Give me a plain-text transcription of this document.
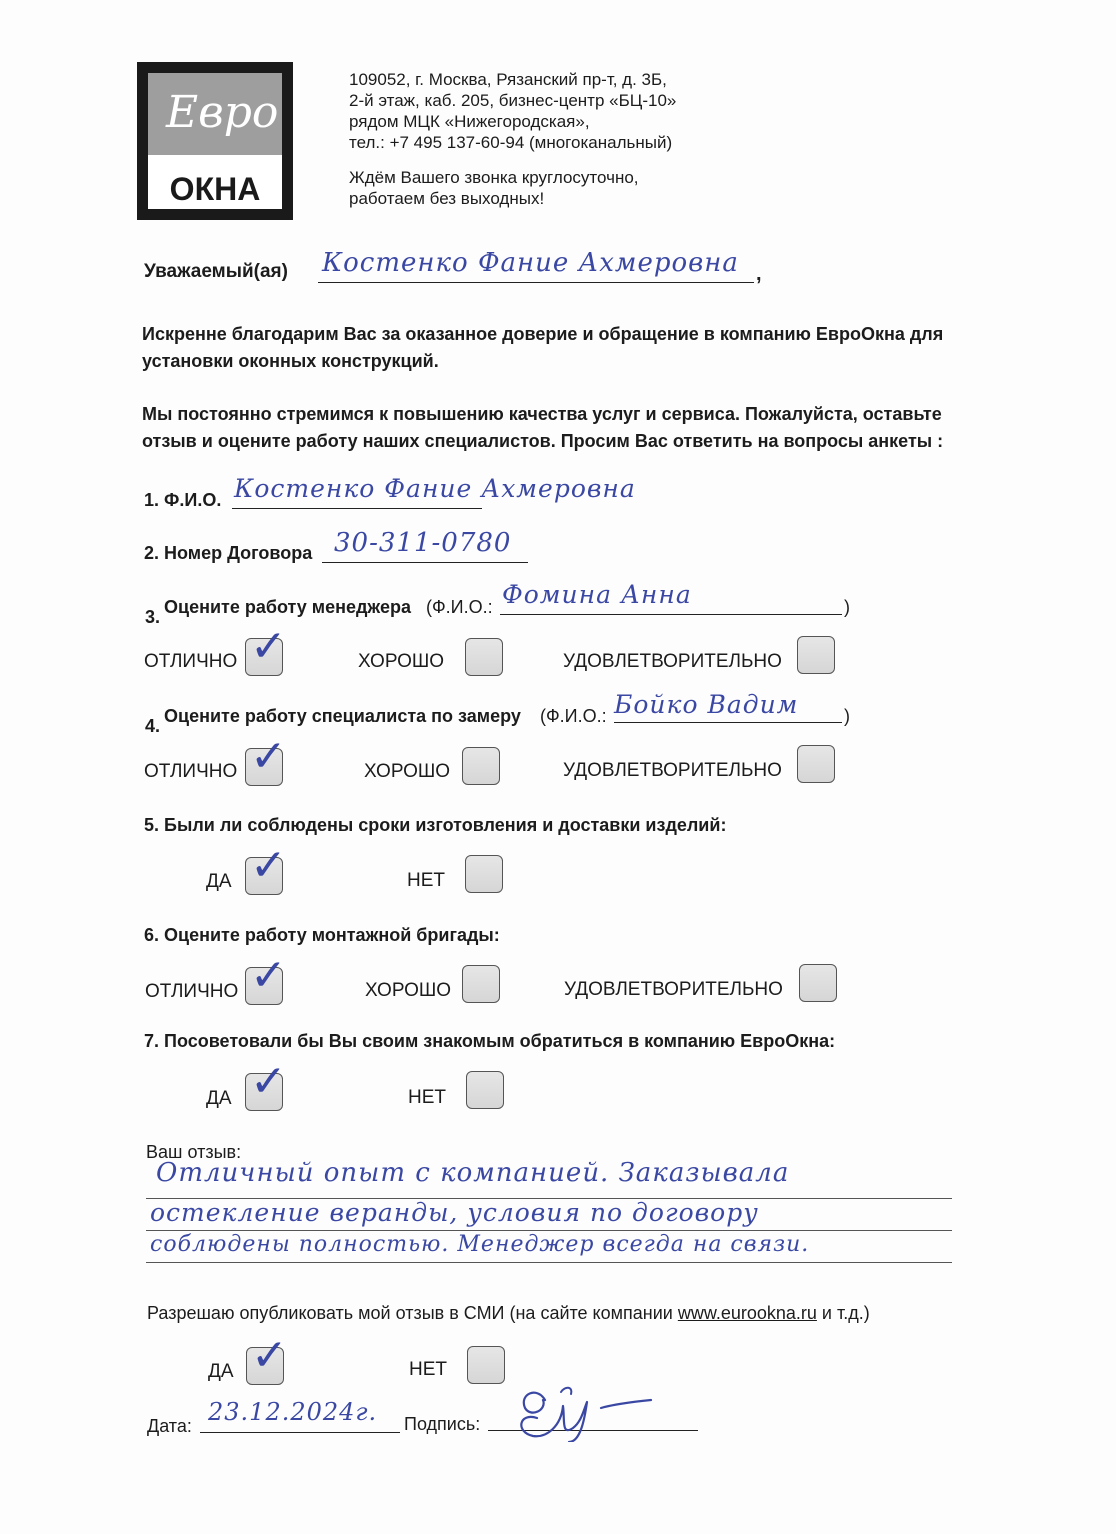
Евро
ОКНА
109052, г. Москва, Рязанский пр-т, д. 3Б,
2-й этаж, каб. 205, бизнес-центр «БЦ-10»
рядом МЦК «Нижегородская»,
тел.: +7 495 137-60-94 (многоканальный)
Ждём Вашего звонка круглосуточно,
работаем без выходных!
Уважаемый(ая) Костенко Фание Ахмеровна ,
Искренне благодарим Вас за оказанное доверие и обращение в компанию ЕвроОкна для установки оконных конструкций.
Мы постоянно стремимся к повышению качества услуг и сервиса. Пожалуйста, оставьте отзыв и оцените работу наших специалистов. Просим Вас ответить на вопросы анкеты :
1. Ф.И.О. Костенко Фание Ахмеровна
2. Номер Договора 30-311-0780
3. Оцените работу менеджера (Ф.И.О.: Фомина Анна	)
ОТЛИЧНО ✓	ХОРОШО	УДОВЛЕТВОРИТЕЛЬНО
4. Оцените работу специалиста по замеру (Ф.И.О.: Бойко Вадим	)
ОТЛИЧНО ✓	ХОРОШО	УДОВЛЕТВОРИТЕЛЬНО
5. Были ли соблюдены сроки изготовления и доставки изделий:
ДА ✓	НЕТ
6. Оцените работу монтажной бригады:
ОТЛИЧНО ✓	ХОРОШО	УДОВЛЕТВОРИТЕЛЬНО
7. Посоветовали бы Вы своим знакомым обратиться в компанию ЕвроОкна:
ДА ✓	НЕТ
Ваш отзыв:
Отличный опыт с компанией. Заказывала
остекление веранды, условия по договору
соблюдены полностью. Менеджер всегда на связи.
Разрешаю опубликовать мой отзыв в СМИ (на сайте компании www.eurookna.ru и т.д.)
ДА ✓	НЕТ
Дата: 23.12.2024г. Подпись:
